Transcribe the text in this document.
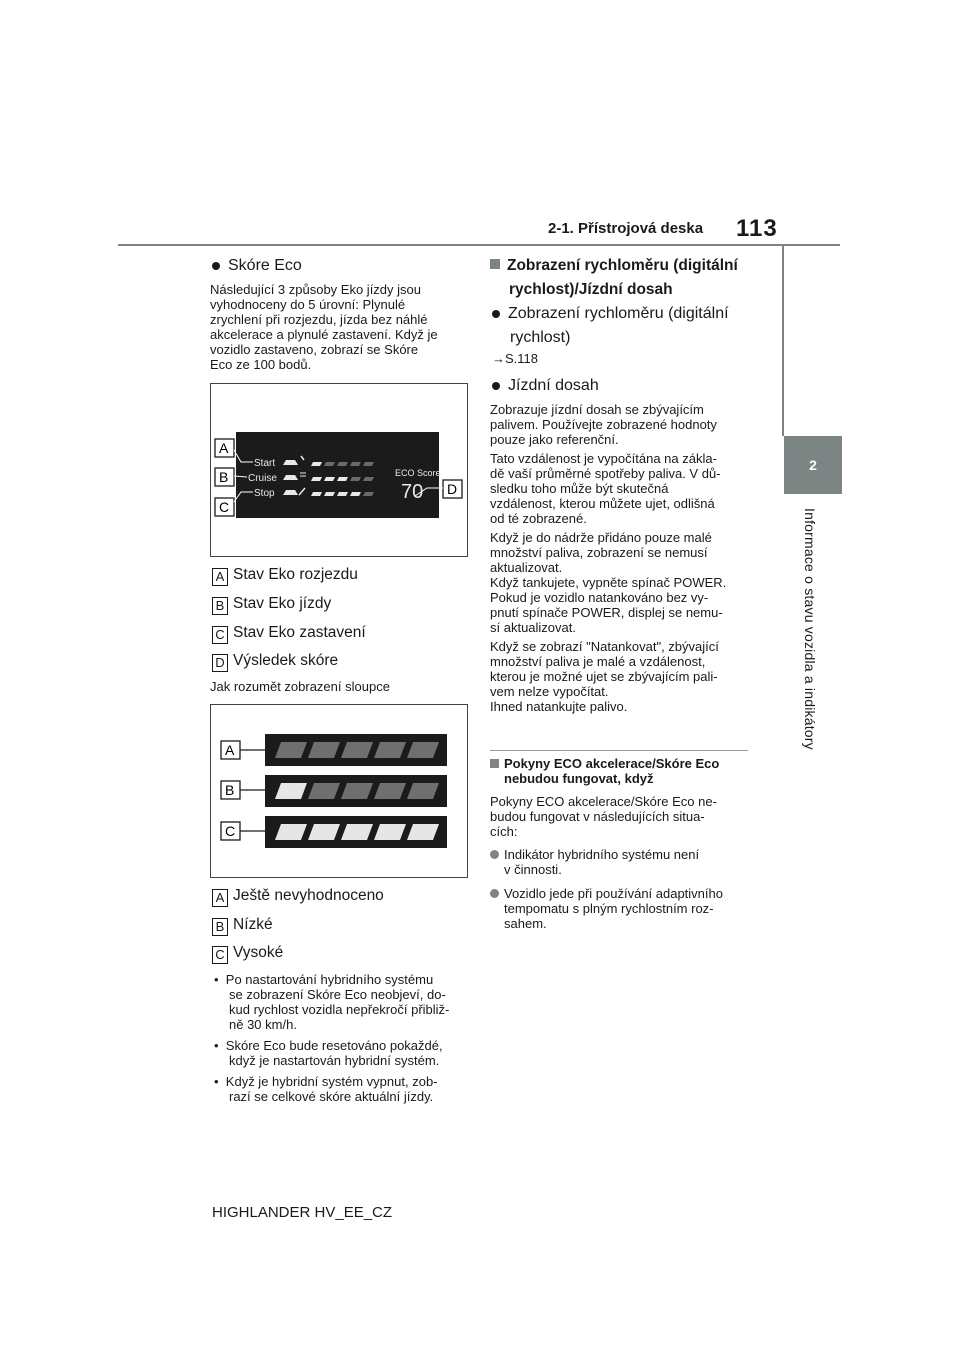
2-1. Přístrojová deska 113
2
Informace o stavu vozidla a indikátory
Skóre Eco
Následující 3 způsoby Eko jízdy jsou
vyhodnoceny do 5 úrovní: Plynulé
zrychlení při rozjezdu, jízda bez náhlé
akcelerace a plynulé zastavení. Když je
vozidlo zastaveno, zobrazí se Skóre
Eco ze 100 bodů.
Start
Cruise
Stop
ECO Score
70
A
B
C
D
A Stav Eko rozjezdu
B Stav Eko jízdy
C Stav Eko zastavení
D Výsledek skóre
Jak rozumět zobrazení sloupce
A
B
C
A Ještě nevyhodnoceno
B Nízké
C Vysoké
• Po nastartování hybridního systému
se zobrazení Skóre Eco neobjeví, do-
kud rychlost vozidla nepřekročí přibliž-
ně 30 km/h.
• Skóre Eco bude resetováno pokaždé,
když je nastartován hybridní systém.
• Když je hybridní systém vypnut, zob-
razí se celkové skóre aktuální jízdy.
Zobrazení rychloměru (digitální
rychlost)/Jízdní dosah
Zobrazení rychloměru (digitální
rychlost)
→S.118
Jízdní dosah

Zobrazuje jízdní dosah se zbývajícím
palivem. Používejte zobrazené hodnoty
pouze jako referenční.

Tato vzdálenost je vypočítána na zákla-
dě vaší průměrné spotřeby paliva. V dů-
sledku toho může být skutečná
vzdálenost, kterou můžete ujet, odlišná
od té zobrazené.

Když je do nádrže přidáno pouze malé
množství paliva, zobrazení se nemusí
aktualizovat.
Když tankujete, vypněte spínač POWER.
Pokud je vozidlo natankováno bez vy-
pnutí spínače POWER, displej se nemu-
sí aktualizovat.

Když se zobrazí "Natankovat", zbývající
množství paliva je malé a vzdálenost,
kterou je možné ujet se zbývajícím pali-
vem nelze vypočítat.
Ihned natankujte palivo.

Pokyny ECO akcelerace/Skóre Eco
nebudou fungovat, když
Pokyny ECO akcelerace/Skóre Eco ne-
budou fungovat v následujících situa-
cích:
Indikátor hybridního systému není
v činnosti.
Vozidlo jede při používání adaptivního
tempomatu s plným rychlostním roz-
sahem.
HIGHLANDER HV_EE_CZ
